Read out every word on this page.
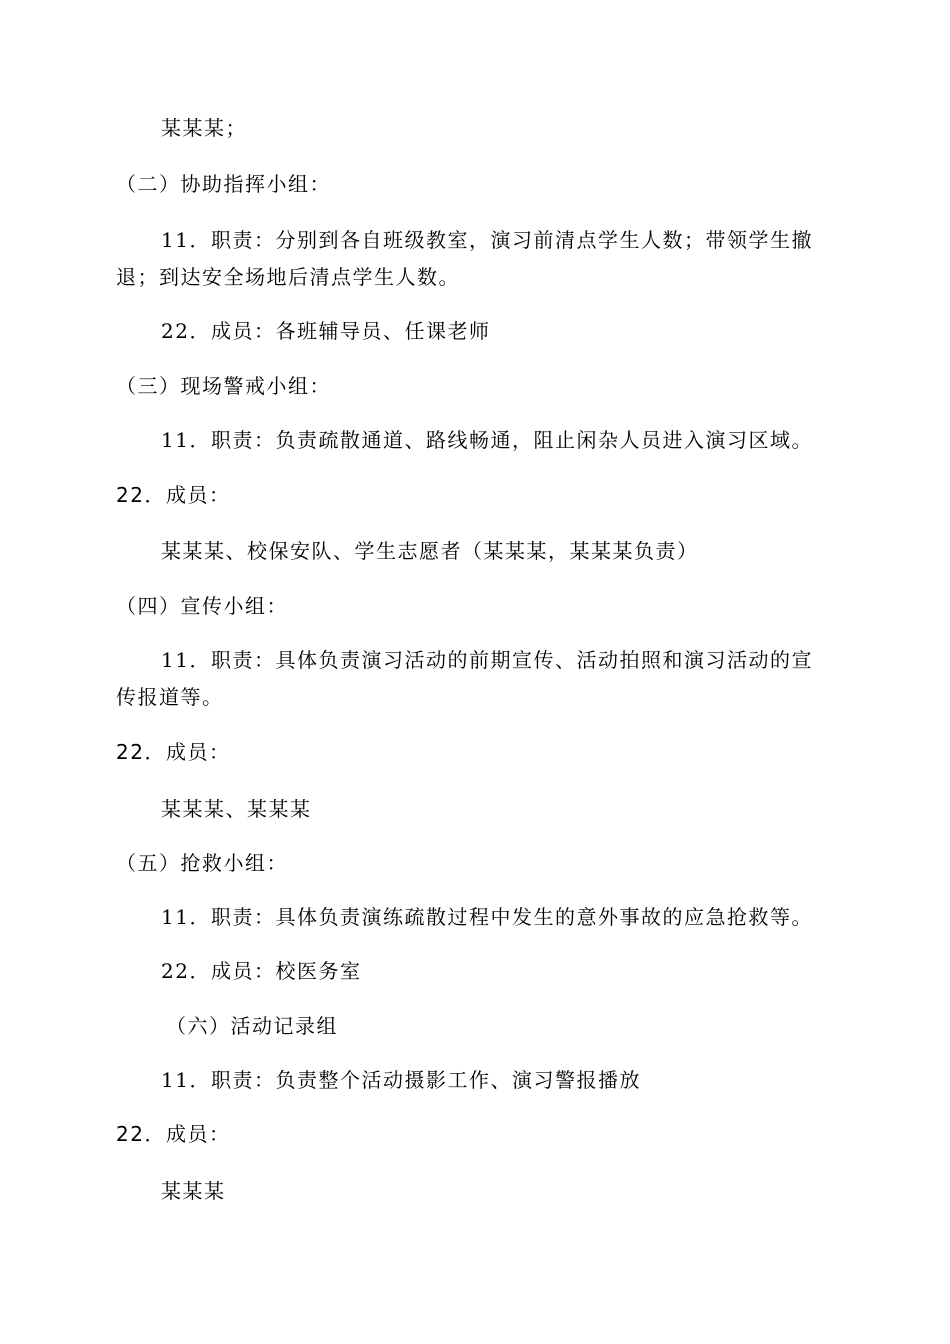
某某某；
（二）协助指挥小组：
11．职责：分别到各自班级教室，演习前清点学生人数；带领学生撤
退；到达安全场地后清点学生人数。
22．成员：各班辅导员、任课老师
（三）现场警戒小组：
11．职责：负责疏散通道、路线畅通，阻止闲杂人员进入演习区域。
22．成员：
某某某、校保安队、学生志愿者（某某某，某某某负责）
（四）宣传小组：
11．职责：具体负责演习活动的前期宣传、活动拍照和演习活动的宣
传报道等。
22．成员：
某某某、某某某
（五）抢救小组：
11．职责：具体负责演练疏散过程中发生的意外事故的应急抢救等。
22．成员：校医务室
（六）活动记录组
11．职责：负责整个活动摄影工作、演习警报播放
22．成员：
某某某
